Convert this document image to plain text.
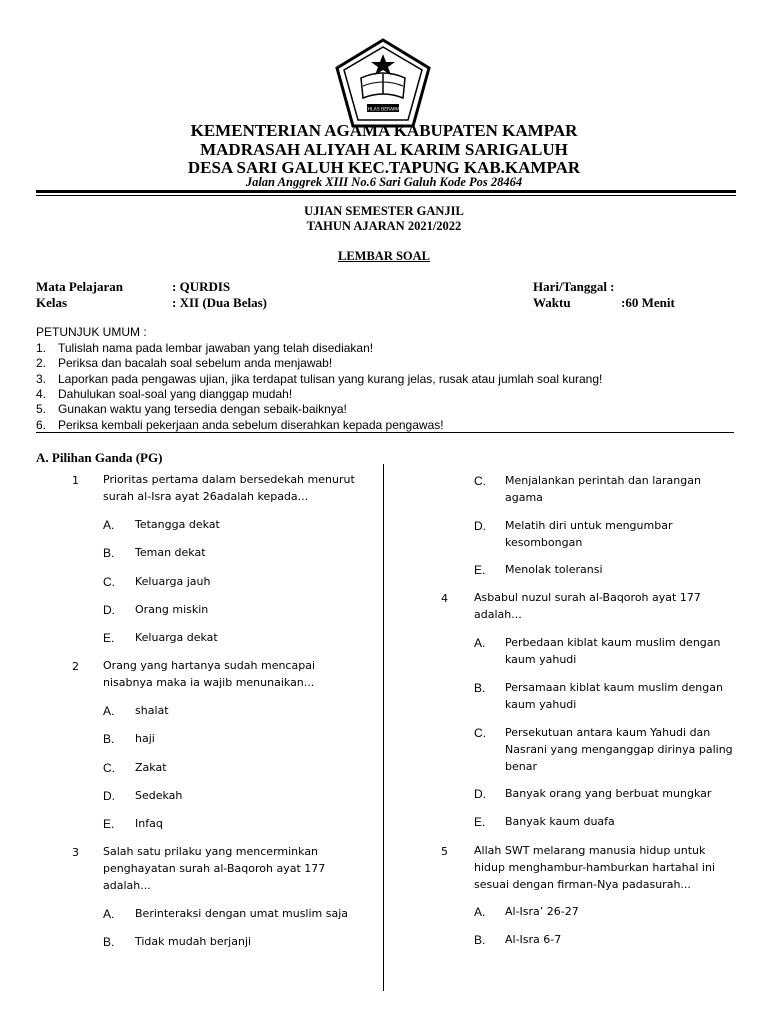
IKHLAS BERAMAL
KEMENTERIAN AGAMA KABUPATEN KAMPAR
MADRASAH ALIYAH AL KARIM SARIGALUH
DESA SARI GALUH KEC.TAPUNG KAB.KAMPAR
Jalan Anggrek XIII No.6 Sari Galuh Kode Pos 28464
UJIAN SEMESTER GANJIL
TAHUN AJARAN 2021/2022
LEMBAR SOAL
Mata Pelajaran	: QURDIS	Hari/Tanggal :
Kelas	: XII (Dua Belas)	Waktu	:60 Menit
PETUNJUK UMUM :
1. Tulislah nama pada lembar jawaban yang telah disediakan!
2. Periksa dan bacalah soal sebelum anda menjawab!
3. Laporkan pada pengawas ujian, jika terdapat tulisan yang kurang jelas, rusak atau jumlah soal kurang!
4. Dahulukan soal-soal yang dianggap mudah!
5. Gunakan waktu yang tersedia dengan sebaik-baiknya!
6. Periksa kembali pekerjaan anda sebelum diserahkan kepada pengawas!
A. Pilihan Ganda (PG)
1 Prioritas pertama dalam bersedekah menurut
surah al-Isra ayat 26adalah kepada...
A. Tetangga dekat
B. Teman dekat
C. Keluarga jauh
D. Orang miskin
E. Keluarga dekat
2 Orang yang hartanya sudah mencapai
nisabnya maka ia wajib menunaikan...
A. shalat
B. haji
C. Zakat
D. Sedekah
E. Infaq
3 Salah satu prilaku yang mencerminkan
penghayatan surah al-Baqoroh ayat 177
adalah...
A. Berinteraksi dengan umat muslim saja
B. Tidak mudah berjanji
C. Menjalankan perintah dan larangan
agama
D. Melatih diri untuk mengumbar
kesombongan
E. Menolak toleransi
4 Asbabul nuzul surah al-Baqoroh ayat 177
adalah...
A. Perbedaan kiblat kaum muslim dengan
kaum yahudi
B. Persamaan kiblat kaum muslim dengan
kaum yahudi
C. Persekutuan antara kaum Yahudi dan
Nasrani yang menganggap dirinya paling
benar
D. Banyak orang yang berbuat mungkar
E. Banyak kaum duafa
5 Allah SWT melarang manusia hidup untuk
hidup menghambur-hamburkan hartahal ini
sesuai dengan firman-Nya padasurah...
A. Al-Isra’ 26-27
B. Al-Isra 6-7
